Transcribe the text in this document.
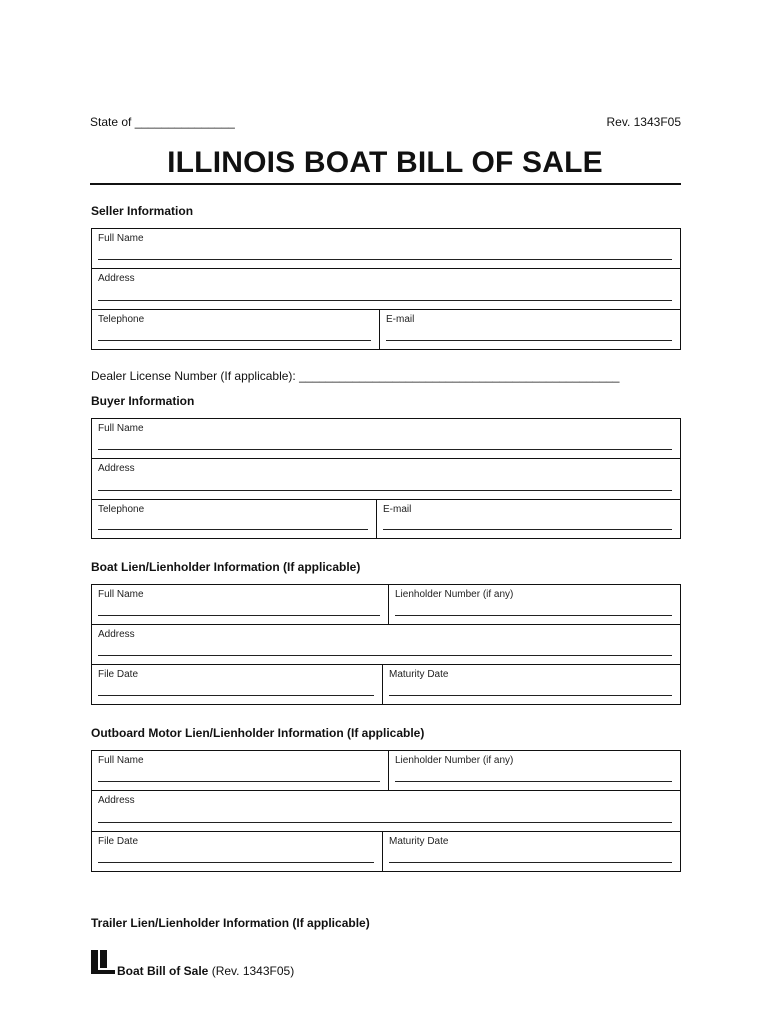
State of _______________	Rev. 1343F05
ILLINOIS BOAT BILL OF SALE
Seller Information
Full Name
Address
Telephone	E-mail
Dealer License Number (If applicable): ________________________________________________
Buyer Information
Full Name
Address
Telephone	E-mail
Boat Lien/Lienholder Information (If applicable)
Full Name	Lienholder Number (if any)
Address
File Date	Maturity Date
Outboard Motor Lien/Lienholder Information (If applicable)
Full Name	Lienholder Number (if any)
Address
File Date	Maturity Date
Trailer Lien/Lienholder Information (If applicable)
Boat Bill of Sale (Rev. 1343F05)
